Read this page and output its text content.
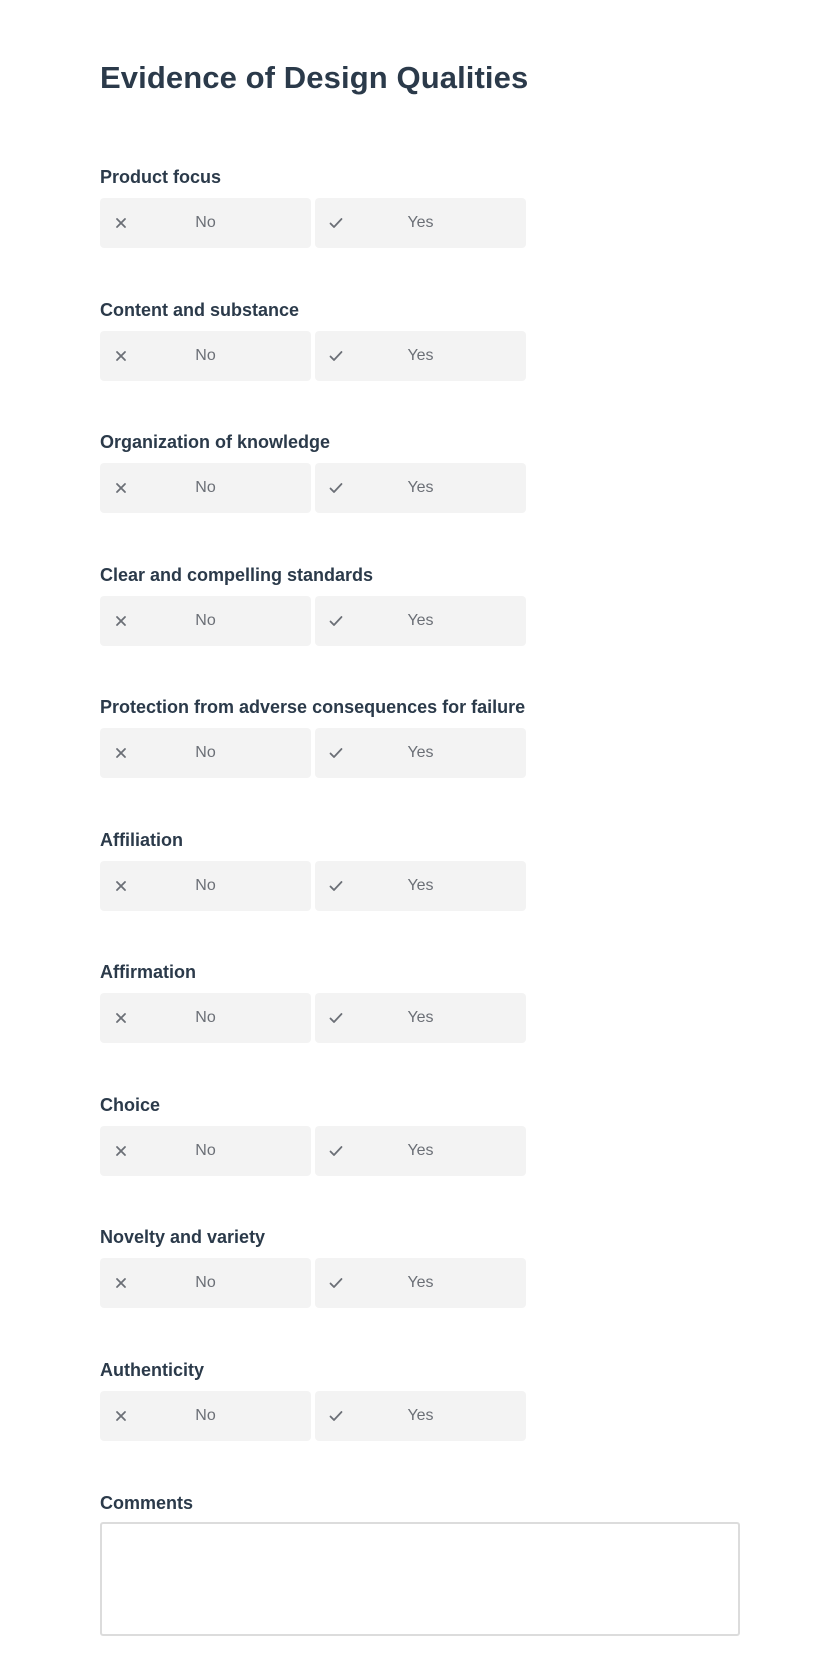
Evidence of Design Qualities

Product focus

No	Yes

Content and substance

No	Yes

Organization of knowledge

No	Yes

Clear and compelling standards

No	Yes

Protection from adverse consequences for failure

No	Yes

Affiliation

No	Yes

Affirmation

No	Yes

Choice

No	Yes

Novelty and variety

No	Yes

Authenticity

No	Yes

Comments
